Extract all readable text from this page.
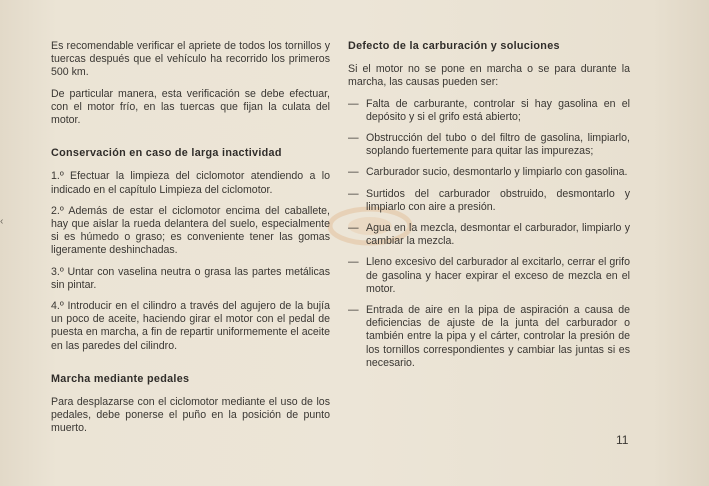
‹

Es recomendable verificar el apriete de todos los tornillos y tuercas después que el vehículo ha recorrido los primeros 500 km.

De particular manera, esta verificación se debe efectuar, con el motor frío, en las tuercas que fijan la culata del motor.

Conservación en caso de larga inactividad

1.º Efectuar la limpieza del ciclomotor atendiendo a lo indicado en el capítulo Limpieza del ciclomotor.

2.º Además de estar el ciclomotor encima del caballete, hay que aislar la rueda delantera del suelo, especialmente si es húmedo o graso; es conveniente tener las gomas ligeramente deshinchadas.

3.º Untar con vaselina neutra o grasa las partes metálicas sin pintar.

4.º Introducir en el cilindro a través del agujero de la bujía un poco de aceite, haciendo girar el motor con el pedal de puesta en marcha, a fin de repartir uniformemente el aceite en las paredes del cilindro.

Marcha mediante pedales

Para desplazarse con el ciclomotor mediante el uso de los pedales, debe ponerse el puño en la posición de punto muerto.

Defecto de la carburación y soluciones

Si el motor no se pone en marcha o se para durante la marcha, las causas pueden ser:

— Falta de carburante, controlar si hay gasolina en el depósito y si el grifo está abierto;
— Obstrucción del tubo o del filtro de gasolina, limpiarlo, soplando fuertemente para quitar las impurezas;
— Carburador sucio, desmontarlo y limpiarlo con gasolina.
— Surtidos del carburador obstruido, desmontarlo y limpiarlo con aire a presión.
— Agua en la mezcla, desmontar el carburador, limpiarlo y cambiar la mezcla.
— Lleno excesivo del carburador al excitarlo, cerrar el grifo de gasolina y hacer expirar el exceso de mezcla en el motor.
— Entrada de aire en la pipa de aspiración a causa de deficiencias de ajuste de la junta del carburador o también entre la pipa y el cárter, controlar la presión de los tornillos correspondientes y cambiar las juntas si es necesario.
11
